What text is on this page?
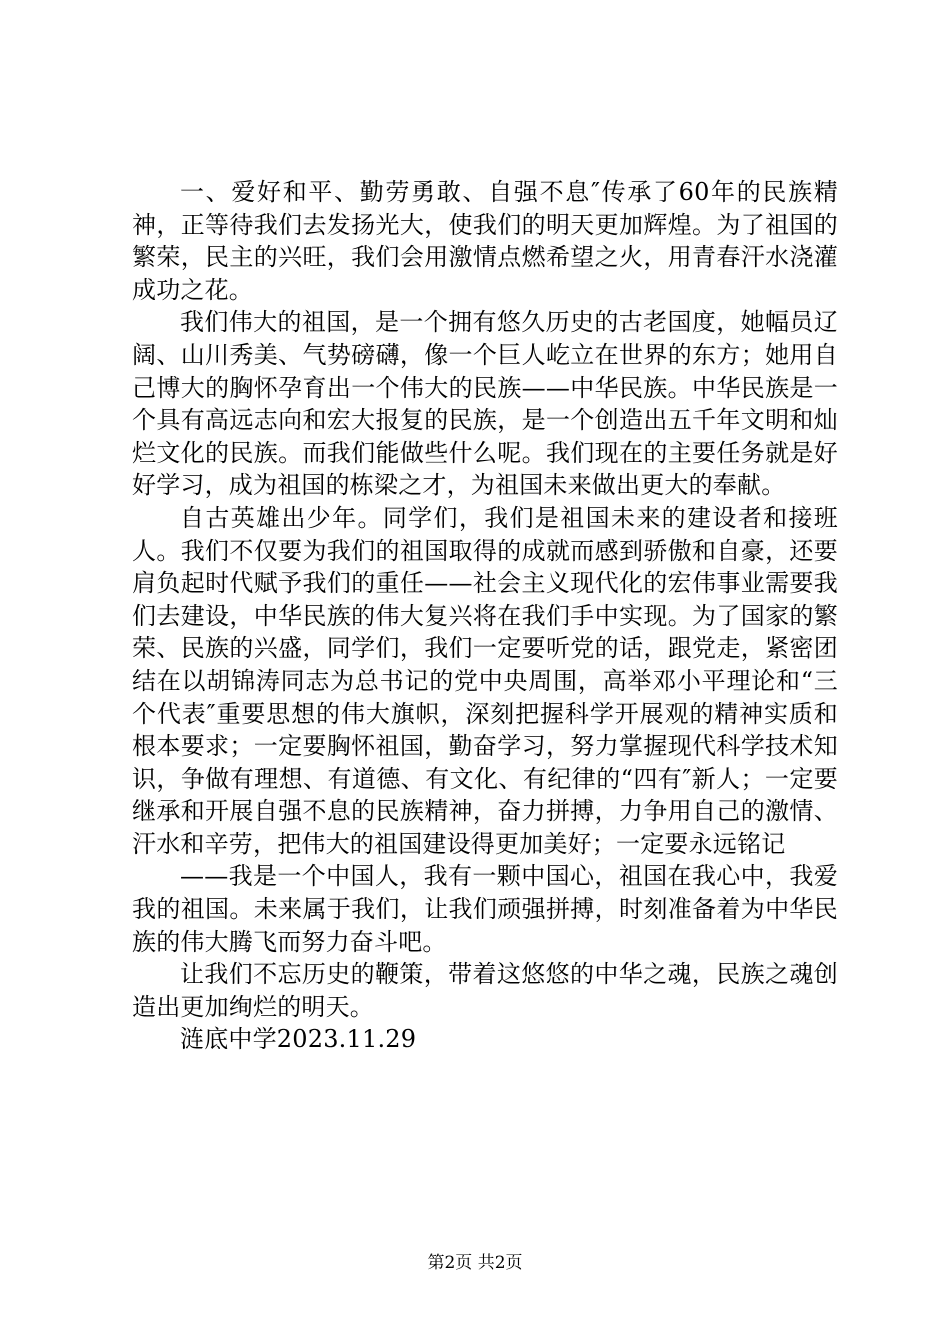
一、爱好和平、勤劳勇敢、自强不息″传承了60年的民族精神，正等待我们去发扬光大，使我们的明天更加辉煌。为了祖国的繁荣，民主的兴旺，我们会用激情点燃希望之火，用青春汗水浇灌成功之花。

我们伟大的祖国，是一个拥有悠久历史的古老国度，她幅员辽阔、山川秀美、气势磅礴，像一个巨人屹立在世界的东方；她用自己博大的胸怀孕育出一个伟大的民族——中华民族。中华民族是一个具有高远志向和宏大报复的民族，是一个创造出五千年文明和灿烂文化的民族。而我们能做些什么呢。我们现在的主要任务就是好好学习，成为祖国的栋梁之才，为祖国未来做出更大的奉献。

自古英雄出少年。同学们，我们是祖国未来的建设者和接班人。我们不仅要为我们的祖国取得的成就而感到骄傲和自豪，还要肩负起时代赋予我们的重任——社会主义现代化的宏伟事业需要我们去建设，中华民族的伟大复兴将在我们手中实现。为了国家的繁荣、民族的兴盛，同学们，我们一定要听党的话，跟党走，紧密团结在以胡锦涛同志为总书记的党中央周围，高举邓小平理论和“三个代表″重要思想的伟大旗帜，深刻把握科学开展观的精神实质和根本要求；一定要胸怀祖国，勤奋学习，努力掌握现代科学技术知识，争做有理想、有道德、有文化、有纪律的“四有″新人；一定要继承和开展自强不息的民族精神，奋力拼搏，力争用自己的激情、汗水和辛劳，把伟大的祖国建设得更加美好；一定要永远铭记

——我是一个中国人，我有一颗中国心，祖国在我心中，我爱我的祖国。未来属于我们，让我们顽强拼搏，时刻准备着为中华民族的伟大腾飞而努力奋斗吧。

让我们不忘历史的鞭策，带着这悠悠的中华之魂，民族之魂创造出更加绚烂的明天。

涟底中学2023.11.29

第2页 共2页
